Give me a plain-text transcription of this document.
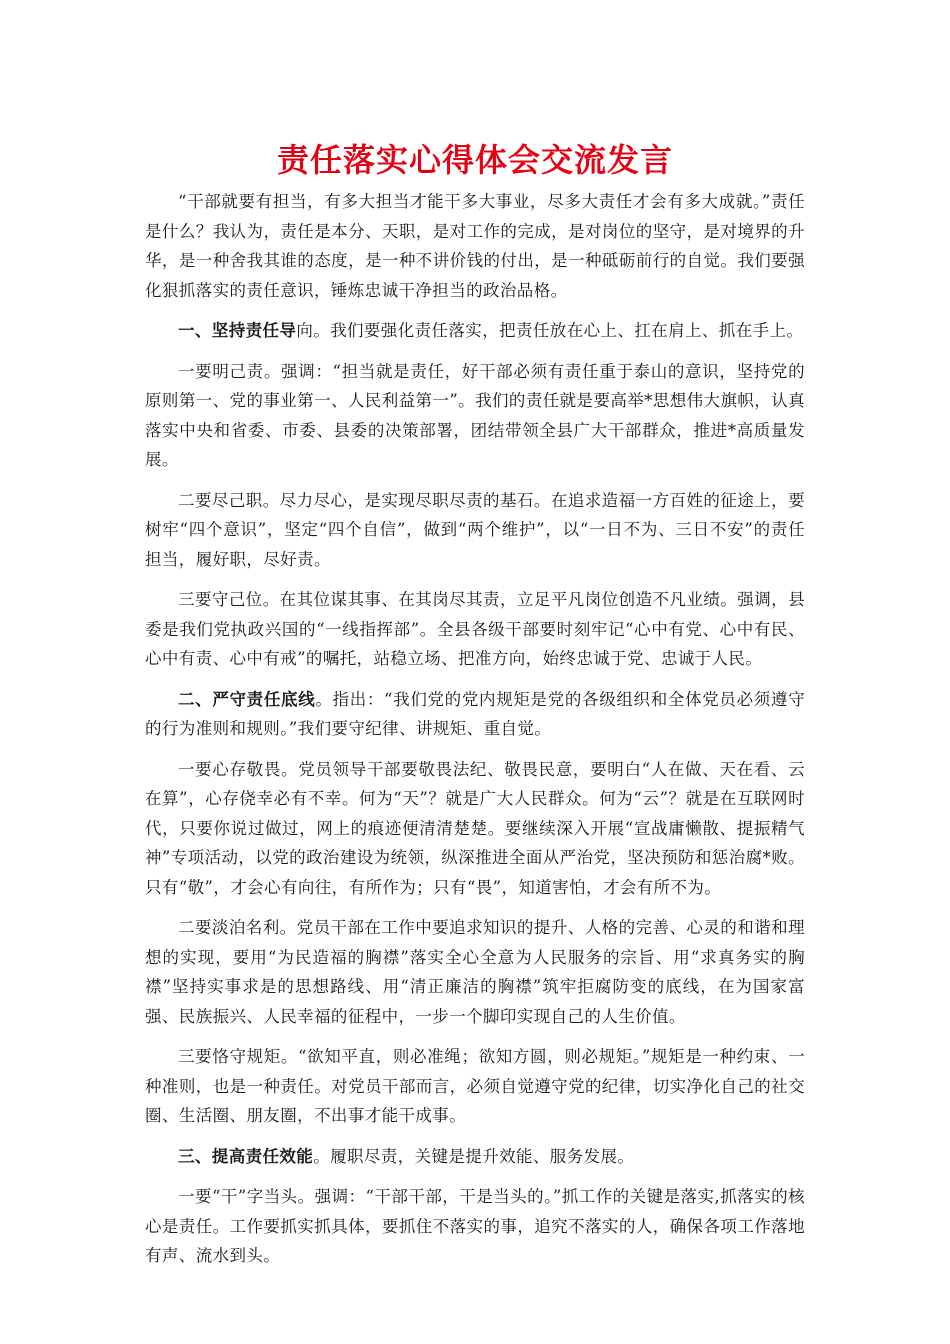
责任落实心得体会交流发言

“干部就要有担当，有多大担当才能干多大事业，尽多大责任才会有多大成就。”责任是什么？我认为，责任是本分、天职，是对工作的完成，是对岗位的坚守，是对境界的升华，是一种舍我其谁的态度，是一种不讲价钱的付出，是一种砥砺前行的自觉。我们要强化狠抓落实的责任意识，锤炼忠诚干净担当的政治品格。

一、坚持责任导向。我们要强化责任落实，把责任放在心上、扛在肩上、抓在手上。

一要明己责。强调：“担当就是责任，好干部必须有责任重于泰山的意识，坚持党的原则第一、党的事业第一、人民利益第一”。我们的责任就是要高举*思想伟大旗帜，认真落实中央和省委、市委、县委的决策部署，团结带领全县广大干部群众，推进*高质量发展。

二要尽己职。尽力尽心，是实现尽职尽责的基石。在追求造福一方百姓的征途上，要树牢“四个意识”，坚定“四个自信”，做到“两个维护”，以“一日不为、三日不安”的责任担当，履好职，尽好责。

三要守己位。在其位谋其事、在其岗尽其责，立足平凡岗位创造不凡业绩。强调，县委是我们党执政兴国的“一线指挥部”。全县各级干部要时刻牢记“心中有党、心中有民、心中有责、心中有戒”的嘱托，站稳立场、把准方向，始终忠诚于党、忠诚于人民。

二、严守责任底线。指出：“我们党的党内规矩是党的各级组织和全体党员必须遵守的行为准则和规则。”我们要守纪律、讲规矩、重自觉。

一要心存敬畏。党员领导干部要敬畏法纪、敬畏民意，要明白“人在做、天在看、云在算”，心存侥幸必有不幸。何为“天”？就是广大人民群众。何为“云”？就是在互联网时代，只要你说过做过，网上的痕迹便清清楚楚。要继续深入开展“宣战庸懒散、提振精气神”专项活动，以党的政治建设为统领，纵深推进全面从严治党，坚决预防和惩治腐*败。只有“敬”，才会心有向往，有所作为；只有“畏”，知道害怕，才会有所不为。

二要淡泊名利。党员干部在工作中要追求知识的提升、人格的完善、心灵的和谐和理想的实现，要用“为民造福的胸襟”落实全心全意为人民服务的宗旨、用“求真务实的胸襟”坚持实事求是的思想路线、用“清正廉洁的胸襟”筑牢拒腐防变的底线，在为国家富强、民族振兴、人民幸福的征程中，一步一个脚印实现自己的人生价值。

三要恪守规矩。“欲知平直，则必准绳；欲知方圆，则必规矩。”规矩是一种约束、一种准则，也是一种责任。对党员干部而言，必须自觉遵守党的纪律，切实净化自己的社交圈、生活圈、朋友圈，不出事才能干成事。

三、提高责任效能。履职尽责，关键是提升效能、服务发展。

一要“干”字当头。强调：“干部干部，干是当头的。”抓工作的关键是落实,抓落实的核心是责任。工作要抓实抓具体，要抓住不落实的事，追究不落实的人，确保各项工作落地有声、流水到头。
